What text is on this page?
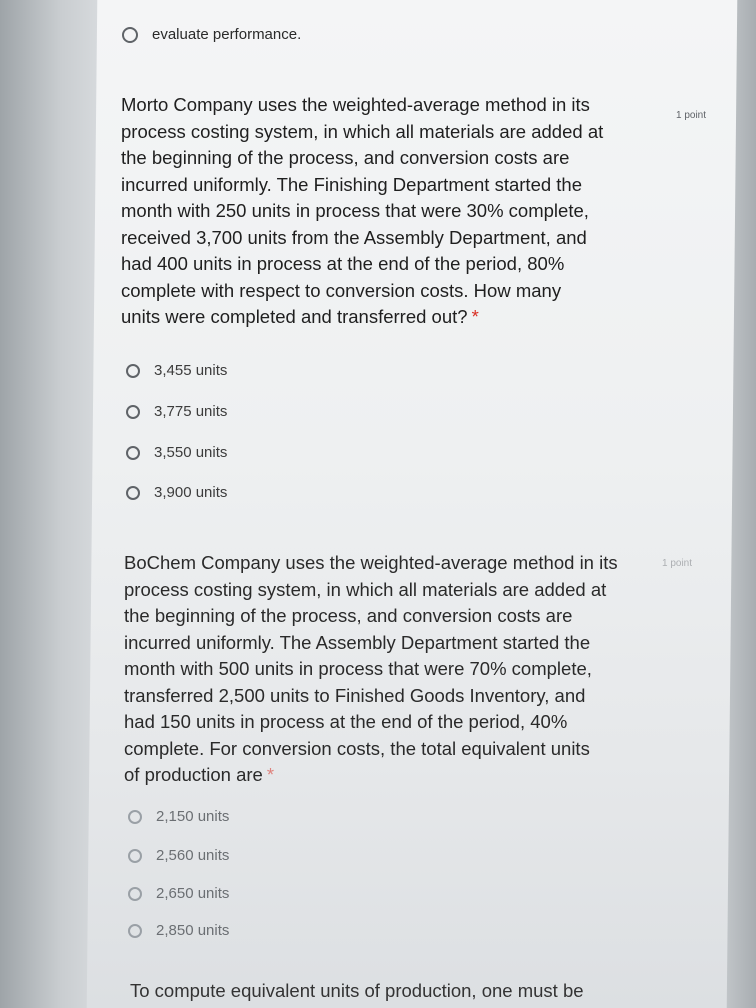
evaluate performance.
Morto Company uses the weighted-average method in its
process costing system, in which all materials are added at
the beginning of the process, and conversion costs are
incurred uniformly. The Finishing Department started the
month with 250 units in process that were 30% complete,
received 3,700 units from the Assembly Department, and
had 400 units in process at the end of the period, 80%
complete with respect to conversion costs. How many
units were completed and transferred out? *
1 point
3,455 units
3,775 units
3,550 units
3,900 units
BoChem Company uses the weighted-average method in its
process costing system, in which all materials are added at
the beginning of the process, and conversion costs are
incurred uniformly. The Assembly Department started the
month with 500 units in process that were 70% complete,
transferred 2,500 units to Finished Goods Inventory, and
had 150 units in process at the end of the period, 40%
complete. For conversion costs, the total equivalent units
of production are *
1 point
2,150 units
2,560 units
2,650 units
2,850 units
To compute equivalent units of production, one must be
